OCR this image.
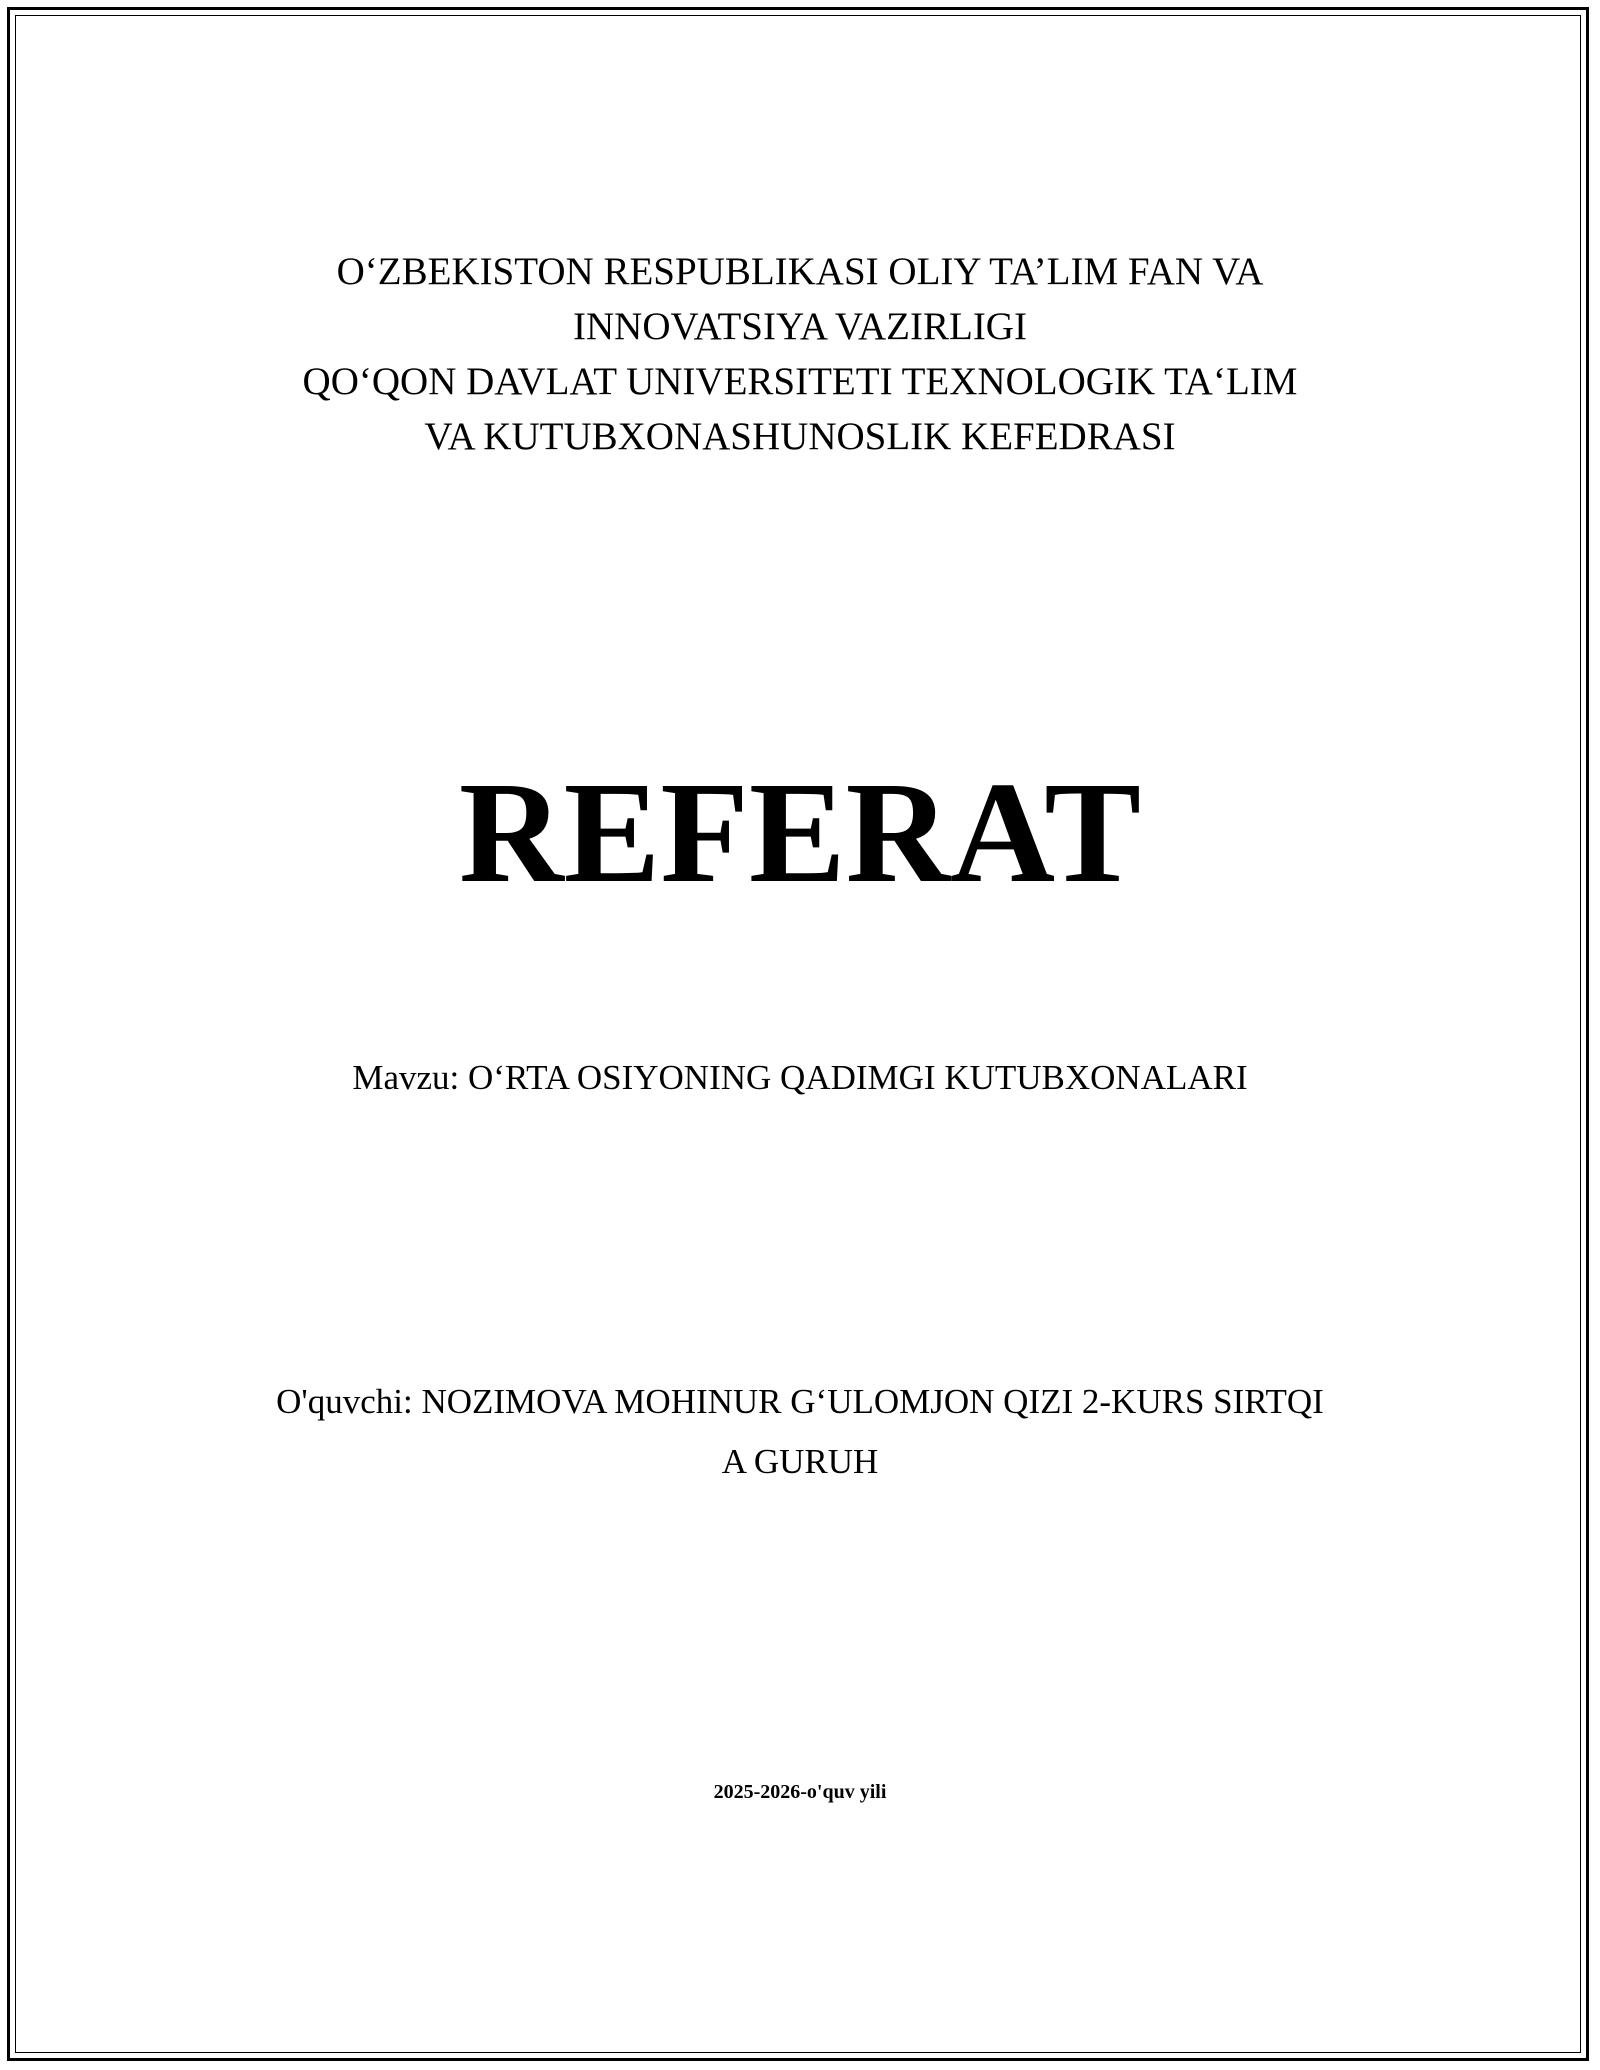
O‘ZBEKISTON RESPUBLIKASI OLIY TA’LIM FAN VA
INNOVATSIYA VAZIRLIGI
QO‘QON DAVLAT UNIVERSITETI TEXNOLOGIK TA‘LIM
VA KUTUBXONASHUNOSLIK KEFEDRASI
REFERAT
Mavzu: O‘RTA OSIYONING QADIMGI KUTUBXONALARI
O'quvchi: NOZIMOVA MOHINUR G‘ULOMJON QIZI 2-KURS SIRTQI
A GURUH
2025-2026-o'quv yili
